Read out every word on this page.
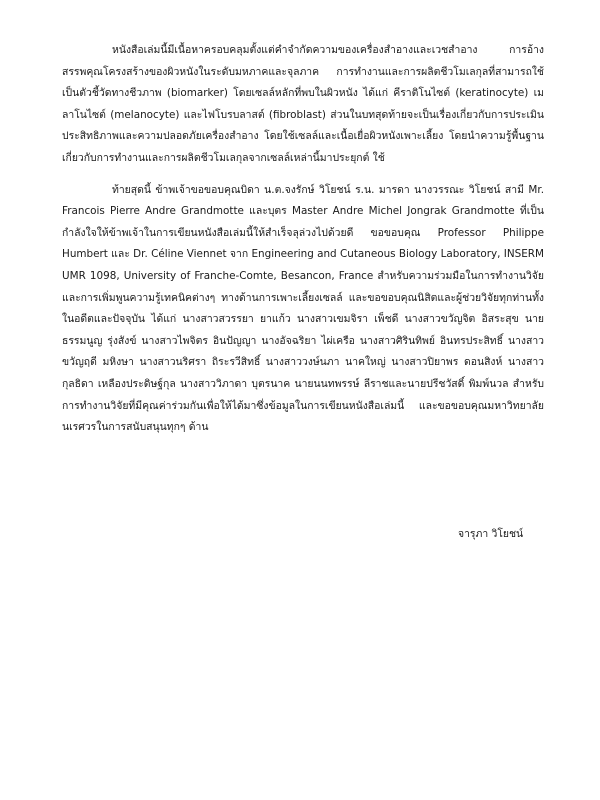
หนังสือเล่มนี้มีเนื้อหาครอบคลุมตั้งแต่คำจำกัดความของเครื่องสำอางและเวชสำอาง การอ้างสรรพคุณโครงสร้างของผิวหนังในระดับมหภาคและจุลภาค การทำงานและการผลิตชีวโมเลกุลที่สามารถใช้เป็นตัวชี้วัดทางชีวภาพ (biomarker) โดยเซลล์หลักที่พบในผิวหนัง ได้แก่ คีราติโนไซต์ (keratinocyte) เมลาโนไซต์ (melanocyte) และไฟโบรบลาสต์ (fibroblast) ส่วนในบทสุดท้ายจะเป็นเรื่องเกี่ยวกับการประเมินประสิทธิภาพและความปลอดภัยเครื่องสำอาง โดยใช้เซลล์และเนื้อเยื่อผิวหนังเพาะเลี้ยง โดยนำความรู้พื้นฐานเกี่ยวกับการทำงานและการผลิตชีวโมเลกุลจากเซลล์เหล่านี้มาประยุกต์ ใช้

ท้ายสุดนี้ ข้าพเจ้าขอขอบคุณบิดา น.ต.จงรักษ์ วิโยชน์ ร.น. มารดา นางวรรณะ วิโยชน์ สามี Mr. Francois Pierre Andre Grandmotte และบุตร Master Andre Michel Jongrak Grandmotte ที่เป็นกำลังใจให้ข้าพเจ้าในการเขียนหนังสือเล่มนี้ให้สำเร็จลุล่วงไปด้วยดี ขอขอบคุณ Professor Philippe Humbert และ Dr. Céline Viennet จาก Engineering and Cutaneous Biology Laboratory, INSERM UMR 1098, University of Franche-Comte, Besancon, France สำหรับความร่วมมือในการทำงานวิจัยและการเพิ่มพูนความรู้เทคนิคต่างๆ ทางด้านการเพาะเลี้ยงเซลล์ และขอขอบคุณนิสิตและผู้ช่วยวิจัยทุกท่านทั้งในอดีตและปัจจุบัน ได้แก่ นางสาวสวรรยา ยาแก้ว นางสาวเขมจิรา เพ็ชดี นางสาวขวัญจิต อิสระสุข นายธรรมนูญ รุ่งสังข์ นางสาวไพจิตร อินปัญญา นางอัจฉริยา ไผ่เครือ นางสาวศิรินทิพย์ อินทรประสิทธิ์ นางสาวขวัญฤดี มหิงษา นางสาวนริศรา ถิระรวีสิทธิ์ นางสาววงษ์นภา นาคใหญ่ นางสาวปิยาพร ดอนสิงห์ นางสาวกุลธิดา เหลืองประดิษฐ์กุล นางสาววิภาดา บุตรนาค นายนนทพรรษ์ ลีราชและนายปรีชวัสดิ์ พิมพ์นวล สำหรับการทำงานวิจัยที่มีคุณค่าร่วมกันเพื่อให้ได้มาซึ่งข้อมูลในการเขียนหนังสือเล่มนี้ และขอขอบคุณมหาวิทยาลัยนเรศวรในการสนับสนุนทุกๆ ด้าน

จารุภา วิโยชน์
